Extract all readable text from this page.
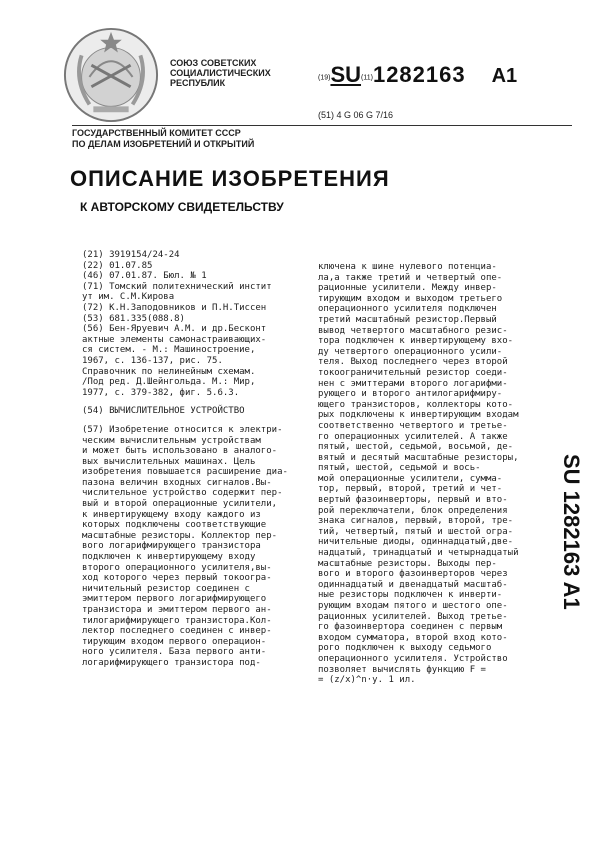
СОЮЗ СОВЕТСКИХ
СОЦИАЛИСТИЧЕСКИХ
РЕСПУБЛИК
(19)SU(11)1282163 A1
(51) 4 G 06 G 7/16
ГОСУДАРСТВЕННЫЙ КОМИТЕТ СССР
ПО ДЕЛАМ ИЗОБРЕТЕНИЙ И ОТКРЫТИЙ
ОПИСАНИЕ ИЗОБРЕТЕНИЯ
К АВТОРСКОМУ СВИДЕТЕЛЬСТВУ
(21) 3919154/24-24
(22) 01.07.85
(46) 07.01.87. Бюл. № 1
(71) Томский политехнический инстит
ут им. С.М.Кирова
(72) К.Н.Заподовников и П.Н.Тиссен
(53) 681.335(088.8)
(56) Бен-Яруевич А.М. и др.Бесконт
актные элементы самонастраивающих-
ся систем. - М.: Машиностроение,
1967, с. 136-137, рис. 75.
Справочник по нелинейным схемам.
/Под ред. Д.Шейнгольда. М.: Мир,
1977, с. 379-382, фиг. 5.6.3.
(54) ВЫЧИСЛИТЕЛЬНОЕ УСТРОЙСТВО
(57) Изобретение относится к электри-
ческим вычислительным устройствам
и может быть использовано в аналого-
вых вычислительных машинах. Цель
изобретения повышается расширение диа-
пазона величин входных сигналов.Вы-
числительное устройство содержит пер-
вый и второй операционные усилители,
к инвертирующему входу каждого из
которых подключены соответствующие
масштабные резисторы. Коллектор пер-
вого логарифмирующего транзистора
подключен к инвертирующему входу
второго операционного усилителя,вы-
ход которого через первый токоогра-
ничительный резистор соединен с
эмиттером первого логарифмирующего
транзистора и эмиттером первого ан-
тилогарифмирующего транзистора.Кол-
лектор последнего соединен с инвер-
тирующим входом первого операцион-
ного усилителя. База первого анти-
логарифмирующего транзистора под-
ключена к шине нулевого потенциа-
ла,а также третий и четвертый опе-
рационные усилители. Между инвер-
тирующим входом и выходом третьего
операционного усилителя подключен
третий масштабный резистор.Первый
вывод четвертого масштабного резис-
тора подключен к инвертирующему вхо-
ду четвертого операционного усили-
теля. Выход последнего через второй
токоограничительный резистор соеди-
нен с эмиттерами второго логарифми-
рующего и второго антилогарифмиру-
ющего транзисторов, коллекторы кото-
рых подключены к инвертирующим входам
соответственно четвертого и третье-
го операционных усилителей. А также
пятый, шестой, седьмой, восьмой, де-
вятый и десятый масштабные резисторы,
пятый, шестой, седьмой и вось-
мой операционные усилители, сумма-
тор, первый, второй, третий и чет-
вертый фазоинверторы, первый и вто-
рой переключатели, блок определения
знака сигналов, первый, второй, тре-
тий, четвертый, пятый и шестой огра-
ничительные диоды, одиннадцатый,две-
надцатый, тринадцатый и четырнадцатый
масштабные резисторы. Выходы пер-
вого и второго фазоинверторов через
одиннадцатый и двенадцатый масштаб-
ные резисторы подключен к инверти-
рующим входам пятого и шестого опе-
рационных усилителей. Выход третье-
го фазоинвертора соединен с первым
входом сумматора, второй вход кото-
рого подключен к выходу седьмого
операционного усилителя. Устройство
позволяет вычислять функцию F =
= (z/x)^n·y. 1 ил.
SU 1282163 A1
